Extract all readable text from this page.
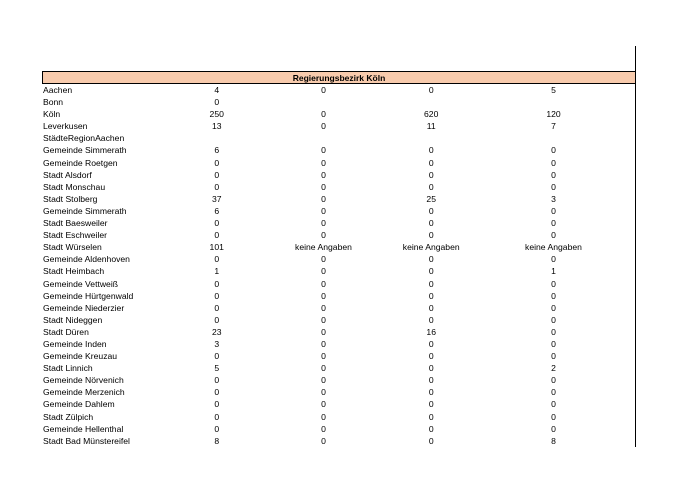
Regierungsbezirk Köln
Aachen	4	0	0	5
Bonn	0
Köln	250	0	620	120
Leverkusen	13	0	11	7
StädteRegionAachen
Gemeinde Simmerath	6	0	0	0
Gemeinde Roetgen	0	0	0	0
Stadt Alsdorf	0	0	0	0
Stadt Monschau	0	0	0	0
Stadt Stolberg	37	0	25	3
Gemeinde Simmerath	6	0	0	0
Stadt Baesweiler	0	0	0	0
Stadt Eschweiler	0	0	0	0
Stadt Würselen	101	keine Angaben	keine Angaben	keine Angaben
Gemeinde Aldenhoven	0	0	0	0
Stadt Heimbach	1	0	0	1
Gemeinde Vettweiß	0	0	0	0
Gemeinde Hürtgenwald	0	0	0	0
Gemeinde Niederzier	0	0	0	0
Stadt Nideggen	0	0	0	0
Stadt Düren	23	0	16	0
Gemeinde Inden	3	0	0	0
Gemeinde Kreuzau	0	0	0	0
Stadt Linnich	5	0	0	2
Gemeinde Nörvenich	0	0	0	0
Gemeinde Merzenich	0	0	0	0
Gemeinde Dahlem	0	0	0	0
Stadt Zülpich	0	0	0	0
Gemeinde Hellenthal	0	0	0	0
Stadt Bad Münstereifel	8	0	0	8
